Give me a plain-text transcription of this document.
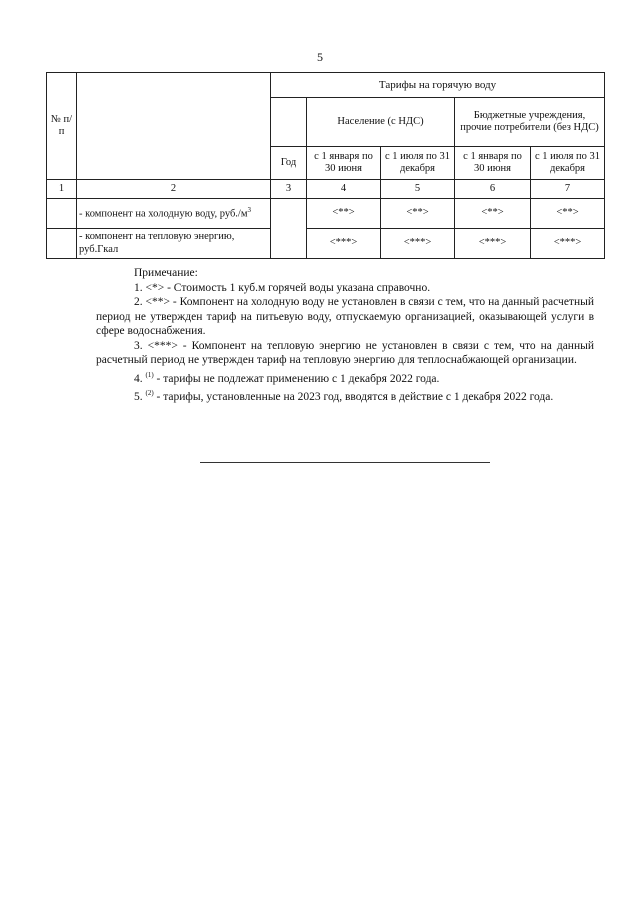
5
№ п/п		Тарифы на горячую воду				
			Население (с НДС)		Бюджетные учреждения, прочие потребители (без НДС)	
		Год	с 1 января по 30 июня	с 1 июля по 31 декабря	с 1 января по 30 июня	с 1 июля по 31 декабря
1	2	3	4	5	6	7
	- компонент на холодную воду, $руб./м^3$		<**>	<**>	<**>	<**>
	- компонент на тепловую энергию, руб.Гкал		<***>	<***>	<***>	<***>

Примечание:

1. <*> - Стоимость 1 куб.м горячей воды указана справочно.

2. <**> - Компонент на холодную воду не установлен в связи с тем, что на данный расчетный период не утвержден тариф на питьевую воду, отпускаемую организацией, оказывающей услуги в сфере водоснабжения.

3. <***> - Компонент на тепловую энергию не установлен в связи с тем, что на данный расчетный период не утвержден тариф на тепловую энергию для теплоснабжающей организации.

4. $^{(1)}$ - тарифы не подлежат применению с 1 декабря 2022 года.

5. $^{(2)}$ - тарифы, установленные на 2023 год, вводятся в действие с 1 декабря 2022 года.
